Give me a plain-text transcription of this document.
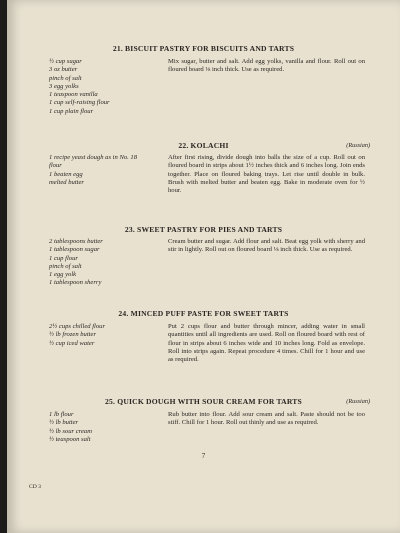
21. BISCUIT PASTRY FOR BISCUITS AND TARTS
½ cup sugar
3 oz butter
pinch of salt
3 egg yolks
1 teaspoon vanilla
1 cup self-raising flour
1 cup plain flour
Mix sugar, butter and salt. Add egg yolks, vanilla and flour. Roll out on floured board ⅛ inch thick. Use as required.
22. KOLACHI	(Russian)
1 recipe yeast dough as in No. 18
flour
1 beaten egg
melted butter
After first rising, divide dough into balls the size of a cup. Roll out on floured board in strips about 1½ inches thick and 6 inches long. Join ends together. Place on floured baking trays. Let rise until double in bulk. Brush with melted butter and beaten egg. Bake in moderate oven for ½ hour.
23. SWEET PASTRY FOR PIES AND TARTS
2 tablespoons butter
1 tablespoon sugar
1 cup flour
pinch of salt
1 egg yolk
1 tablespoon sherry
Cream butter and sugar. Add flour and salt. Beat egg yolk with sherry and stir in lightly. Roll out on floured board ⅛ inch thick. Use as required.
24. MINCED PUFF PASTE FOR SWEET TARTS
2½ cups chilled flour
½ lb frozen butter
½ cup iced water
Put 2 cups flour and butter through mincer, adding water in small quantities until all ingredients are used. Roll on floured board with rest of flour in strips about 6 inches wide and 10 inches long. Fold as envelope. Roll into strips again. Repeat procedure 4 times. Chill for 1 hour and use as required.
25. QUICK DOUGH WITH SOUR CREAM FOR TARTS	(Russian)
1 lb flour
½ lb butter
½ lb sour cream
½ teaspoon salt
Rub butter into flour. Add sour cream and salt. Paste should not be too stiff. Chill for 1 hour. Roll out thinly and use as required.
7
CD 3
